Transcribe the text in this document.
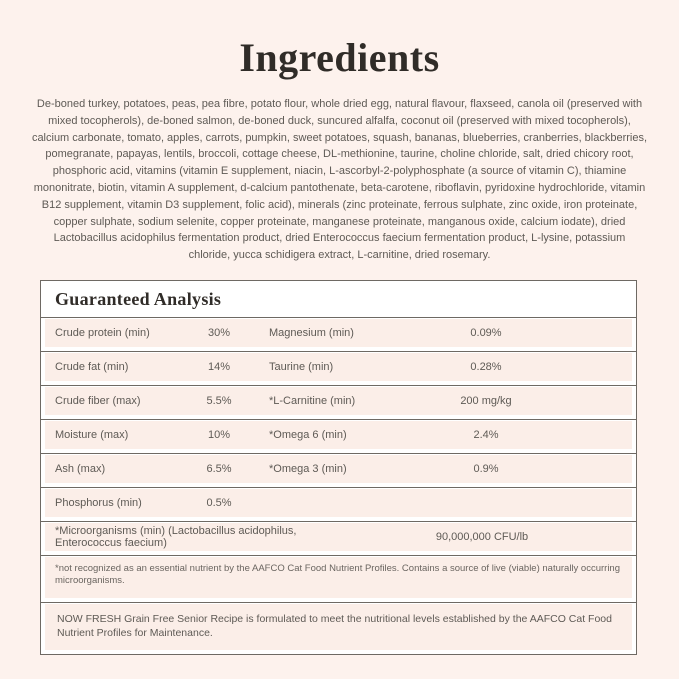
Ingredients

De-boned turkey, potatoes, peas, pea fibre, potato flour, whole dried egg, natural flavour, flaxseed, canola oil (preserved with mixed tocopherols), de-boned salmon, de-boned duck, suncured alfalfa, coconut oil (preserved with mixed tocopherols), calcium carbonate, tomato, apples, carrots, pumpkin, sweet potatoes, squash, bananas, blueberries, cranberries, blackberries, pomegranate, papayas, lentils, broccoli, cottage cheese, DL-methionine, taurine, choline chloride, salt, dried chicory root, phosphoric acid, vitamins (vitamin E supplement, niacin, L-ascorbyl-2-polyphosphate (a source of vitamin C), thiamine mononitrate, biotin, vitamin A supplement, d-calcium pantothenate, beta-carotene, riboflavin, pyridoxine hydrochloride, vitamin B12 supplement, vitamin D3 supplement, folic acid), minerals (zinc proteinate, ferrous sulphate, zinc oxide, iron proteinate, copper sulphate, sodium selenite, copper proteinate, manganese proteinate, manganous oxide, calcium iodate), dried Lactobacillus acidophilus fermentation product, dried Enterococcus faecium fermentation product, L-lysine, potassium chloride, yucca schidigera extract, L-carnitine, dried rosemary.

Guaranteed Analysis
Crude protein (min)	30%	Magnesium (min)	0.09%
Crude fat (min)	14%	Taurine (min)	0.28%
Crude fiber (max)	5.5%	*L-Carnitine (min)	200 mg/kg
Moisture (max)	10%	*Omega 6 (min)	2.4%
Ash (max)	6.5%	*Omega 3 (min)	0.9%
Phosphorus (min)	0.5%
*Microorganisms (min) (Lactobacillus acidophilus, Enterococcus faecium)	90,000,000 CFU/lb
*not recognized as an essential nutrient by the AAFCO Cat Food Nutrient Profiles. Contains a source of live (viable) naturally occurring microorganisms.
NOW FRESH Grain Free Senior Recipe is formulated to meet the nutritional levels established by the AAFCO Cat Food Nutrient Profiles for Maintenance.
